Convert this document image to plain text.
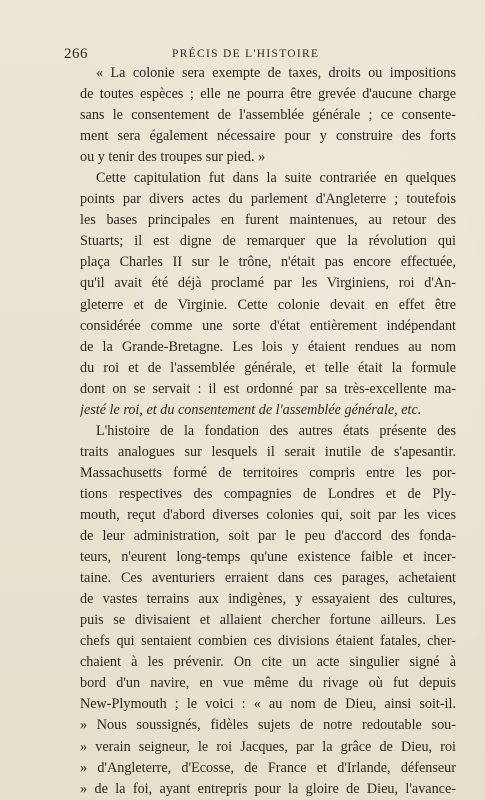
266	PRÉCIS DE L'HISTOIRE
« La colonie sera exempte de taxes, droits ou impositions
de toutes espèces ; elle ne pourra être grevée d'aucune charge
sans le consentement de l'assemblée générale ; ce consente-
ment sera également nécessaire pour y construire des forts
ou y tenir des troupes sur pied. »
Cette capitulation fut dans la suite contrariée en quelques
points par divers actes du parlement d'Angleterre ; toutefois
les bases principales en furent maintenues, au retour des
Stuarts; il est digne de remarquer que la révolution qui
plaça Charles II sur le trône, n'était pas encore effectuée,
qu'il avait été déjà proclamé par les Virginiens, roi d'An-
gleterre et de Virginie. Cette colonie devait en effet être
considérée comme une sorte d'état entièrement indépendant
de la Grande-Bretagne. Les lois y étaient rendues au nom
du roi et de l'assemblée générale, et telle était la formule
dont on se servait : il est ordonné par sa très-excellente ma-
jesté le roi, et du consentement de l'assemblée générale, etc.
L'histoire de la fondation des autres états présente des
traits analogues sur lesquels il serait inutile de s'apesantir.
Massachusetts formé de territoires compris entre les por-
tions respectives des compagnies de Londres et de Ply-
mouth, reçut d'abord diverses colonies qui, soit par les vices
de leur administration, soit par le peu d'accord des fonda-
teurs, n'eurent long-temps qu'une existence faible et incer-
taine. Ces aventuriers erraient dans ces parages, achetaient
de vastes terrains aux indigènes, y essayaient des cultures,
puis se divisaient et allaient chercher fortune ailleurs. Les
chefs qui sentaient combien ces divisions étaient fatales, cher-
chaient à les prévenir. On cite un acte singulier signé à
bord d'un navire, en vue même du rivage où fut depuis
New-Plymouth ; le voici : « au nom de Dieu, ainsi soit-il.
» Nous soussignés, fidèles sujets de notre redoutable sou-
» verain seigneur, le roi Jacques, par la grâce de Dieu, roi
» d'Angleterre, d'Ecosse, de France et d'Irlande, défenseur
» de la foi, ayant entrepris pour la gloire de Dieu, l'avance-
